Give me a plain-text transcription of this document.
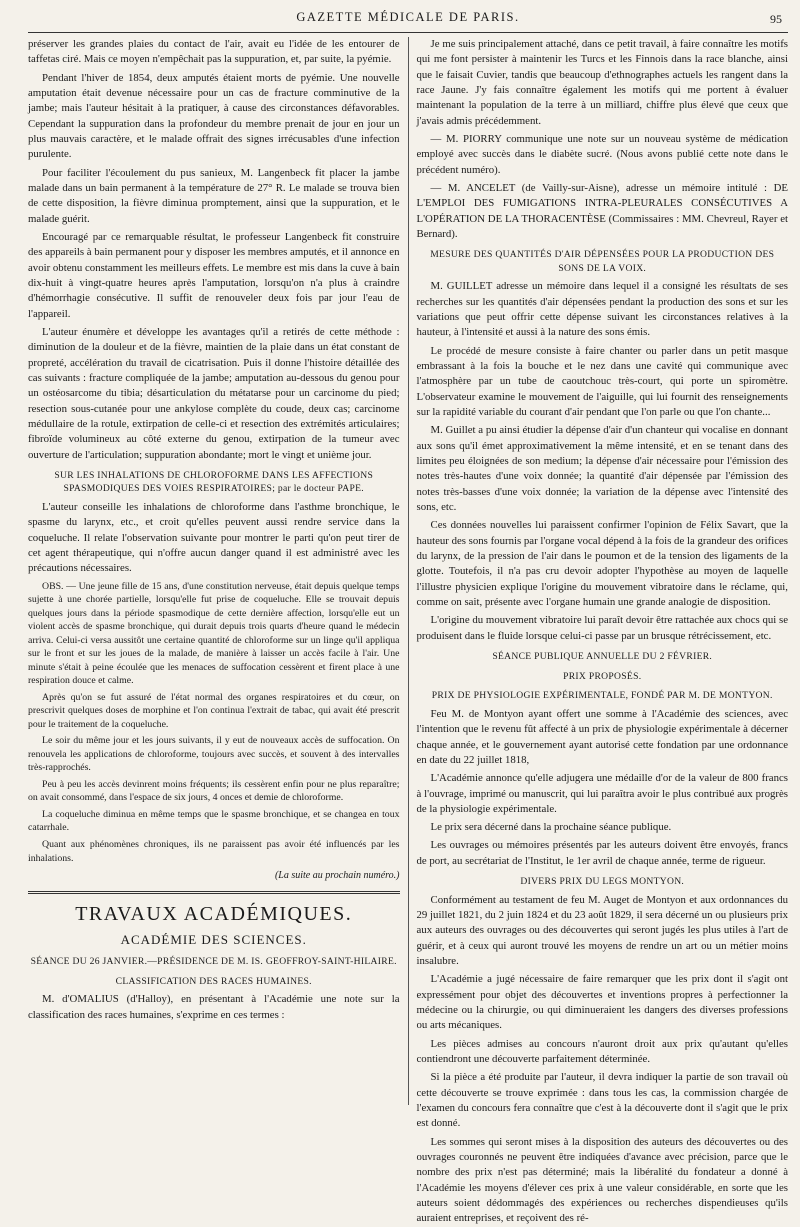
GAZETTE MÉDICALE DE PARIS.	95

préserver les grandes plaies du contact de l'air, avait eu l'idée de les entourer de taffetas ciré. Mais ce moyen n'empêchait pas la suppuration, et, par suite, la pyémie.

Pendant l'hiver de 1854, deux amputés étaient morts de pyémie. Une nouvelle amputation était devenue nécessaire pour un cas de fracture comminutive de la jambe; mais l'auteur hésitait à la pratiquer, à cause des circonstances défavorables. Cependant la suppuration dans la profondeur du membre prenait de jour en jour un plus mauvais caractère, et le malade offrait des signes irrécusables d'une infection purulente.

Pour faciliter l'écoulement du pus sanieux, M. Langenbeck fit placer la jambe malade dans un bain permanent à la température de 27° R. Le malade se trouva bien de cette disposition, la fièvre diminua promptement, ainsi que la suppuration, et le malade guérit.

Encouragé par ce remarquable résultat, le professeur Langenbeck fit construire des appareils à bain permanent pour y disposer les membres amputés, et il annonce en avoir obtenu constamment les meilleurs effets. Le membre est mis dans la cuve à bain dix-huit à vingt-quatre heures après l'amputation, lorsqu'on n'a plus à craindre d'hémorrhagie consécutive. Il suffit de renouveler deux fois par jour l'eau de l'appareil.

L'auteur énumère et développe les avantages qu'il a retirés de cette méthode : diminution de la douleur et de la fièvre, maintien de la plaie dans un état constant de propreté, accélération du travail de cicatrisation. Puis il donne l'histoire détaillée des cas suivants : fracture compliquée de la jambe; amputation au-dessous du genou pour un ostéosarcome du tibia; désarticulation du métatarse pour un carcinome du pied; resection sous-cutanée pour une ankylose complète du coude, deux cas; carcinome médullaire de la rotule, extirpation de celle-ci et resection des extrémités articulaires; fibroïde volumineux au côté externe du genou, extirpation de la tumeur avec ouverture de l'articulation; suppuration abondante; mort le vingt et unième jour.

SUR LES INHALATIONS DE CHLOROFORME DANS LES AFFECTIONS SPASMODIQUES DES VOIES RESPIRATOIRES; par le docteur PAPE.

L'auteur conseille les inhalations de chloroforme dans l'asthme bronchique, le spasme du larynx, etc., et croit qu'elles peuvent aussi rendre service dans la coqueluche. Il relate l'observation suivante pour montrer le parti qu'on peut tirer de cet agent thérapeutique, qui n'offre aucun danger quand il est administré avec les précautions nécessaires.

OBS. — Une jeune fille de 15 ans, d'une constitution nerveuse, était depuis quelque temps sujette à une chorée partielle, lorsqu'elle fut prise de coqueluche. Elle se trouvait depuis quelques jours dans la période spasmodique de cette dernière affection, lorsqu'elle eut un violent accès de spasme bronchique, qui durait depuis trois quarts d'heure quand le médecin arriva. Celui-ci versa aussitôt une certaine quantité de chloroforme sur un linge qu'il appliqua sur le front et sur les joues de la malade, de manière à laisser un accès facile à l'air. Une minute s'était à peine écoulée que les menaces de suffocation cessèrent et firent place à une respiration douce et calme.

Après qu'on se fut assuré de l'état normal des organes respiratoires et du cœur, on prescrivit quelques doses de morphine et l'on continua l'extrait de tabac, qui avait été prescrit pour le traitement de la coqueluche.

Le soir du même jour et les jours suivants, il y eut de nouveaux accès de suffocation. On renouvela les applications de chloroforme, toujours avec succès, et souvent à des intervalles très-rapprochés.

Peu à peu les accès devinrent moins fréquents; ils cessèrent enfin pour ne plus reparaître; on avait consommé, dans l'espace de six jours, 4 onces et demie de chloroforme.

La coqueluche diminua en même temps que le spasme bronchique, et se changea en toux catarrhale.

Quant aux phénomènes chroniques, ils ne paraissent pas avoir été influencés par les inhalations.

(La suite au prochain numéro.)
TRAVAUX ACADÉMIQUES.
ACADÉMIE DES SCIENCES.

SÉANCE DU 26 JANVIER.—PRÉSIDENCE DE M. IS. GEOFFROY-SAINT-HILAIRE.

CLASSIFICATION DES RACES HUMAINES.

M. d'OMALIUS (d'Halloy), en présentant à l'Académie une note sur la classification des races humaines, s'exprime en ces termes :

Je me suis principalement attaché, dans ce petit travail, à faire connaître les motifs qui me font persister à maintenir les Turcs et les Finnois dans la race blanche, ainsi que le faisait Cuvier, tandis que beaucoup d'ethnographes actuels les rangent dans la race Jaune. J'y fais connaître également les motifs qui me portent à évaluer maintenant la population de la terre à un milliard, chiffre plus élevé que ceux que j'avais admis précédemment.

— M. PIORRY communique une note sur un nouveau système de médication employé avec succès dans le diabète sucré. (Nous avons publié cette note dans le précédent numéro).

— M. ANCELET (de Vailly-sur-Aisne), adresse un mémoire intitulé : DE L'EMPLOI DES FUMIGATIONS INTRA-PLEURALES CONSÉCUTIVES A L'OPÉRATION DE LA THORACENTÈSE (Commissaires : MM. Chevreul, Rayer et Bernard).

MESURE DES QUANTITÉS D'AIR DÉPENSÉES POUR LA PRODUCTION DES SONS DE LA VOIX.

M. GUILLET adresse un mémoire dans lequel il a consigné les résultats de ses recherches sur les quantités d'air dépensées pendant la production des sons et sur les variations que peut offrir cette dépense suivant les circonstances relatives à la hauteur, à l'intensité et aussi à la nature des sons émis.

Le procédé de mesure consiste à faire chanter ou parler dans un petit masque embrassant à la fois la bouche et le nez dans une cavité qui communique avec l'atmosphère par un tube de caoutchouc très-court, qui porte un spiromètre. L'observateur examine le mouvement de l'aiguille, qui lui fournit des renseignements sur la rapidité variable du courant d'air pendant que l'on parle ou que l'on chante...

M. Guillet a pu ainsi étudier la dépense d'air d'un chanteur qui vocalise en donnant aux sons qu'il émet approximativement la même intensité, et en se tenant dans des limites peu éloignées de son medium; la dépense d'air nécessaire pour l'émission des notes très-hautes d'une voix donnée; la quantité d'air dépensée par l'émission des notes très-basses d'une voix donnée; la variation de la dépense avec l'intensité des sons, etc.

Ces données nouvelles lui paraissent confirmer l'opinion de Félix Savart, que la hauteur des sons fournis par l'organe vocal dépend à la fois de la grandeur des orifices du larynx, de la pression de l'air dans le poumon et de la tension des ligaments de la glotte. Toutefois, il n'a pas cru devoir adopter l'hypothèse au moyen de laquelle l'illustre physicien explique l'origine du mouvement vibratoire dans le réclame, qui, comme on sait, présente avec l'organe humain une grande analogie de disposition.

L'origine du mouvement vibratoire lui paraît devoir être rattachée aux chocs qui se produisent dans le fluide lorsque celui-ci passe par un brusque rétrécissement, etc.

SÉANCE PUBLIQUE ANNUELLE DU 2 FÉVRIER.

PRIX PROPOSÉS.

PRIX DE PHYSIOLOGIE EXPÉRIMENTALE, FONDÉ PAR M. DE MONTYON.

Feu M. de Montyon ayant offert une somme à l'Académie des sciences, avec l'intention que le revenu fût affecté à un prix de physiologie expérimentale à décerner chaque année, et le gouvernement ayant autorisé cette fondation par une ordonnance en date du 22 juillet 1818,

L'Académie annonce qu'elle adjugera une médaille d'or de la valeur de 800 francs à l'ouvrage, imprimé ou manuscrit, qui lui paraîtra avoir le plus contribué aux progrès de la physiologie expérimentale.

Le prix sera décerné dans la prochaine séance publique.

Les ouvrages ou mémoires présentés par les auteurs doivent être envoyés, francs de port, au secrétariat de l'Institut, le 1er avril de chaque année, terme de rigueur.

DIVERS PRIX DU LEGS MONTYON.

Conformément au testament de feu M. Auget de Montyon et aux ordonnances du 29 juillet 1821, du 2 juin 1824 et du 23 août 1829, il sera décerné un ou plusieurs prix aux auteurs des ouvrages ou des découvertes qui seront jugés les plus utiles à l'art de guérir, et à ceux qui auront trouvé les moyens de rendre un art ou un métier moins insalubre.

L'Académie a jugé nécessaire de faire remarquer que les prix dont il s'agit ont expressément pour objet des découvertes et inventions propres à perfectionner la médecine ou la chirurgie, ou qui diminueraient les dangers des diverses professions ou arts mécaniques.

Les pièces admises au concours n'auront droit aux prix qu'autant qu'elles contiendront une découverte parfaitement déterminée.

Si la pièce a été produite par l'auteur, il devra indiquer la partie de son travail où cette découverte se trouve exprimée : dans tous les cas, la commission chargée de l'examen du concours fera connaître que c'est à la découverte dont il s'agit que le prix est donné.

Les sommes qui seront mises à la disposition des auteurs des découvertes ou des ouvrages couronnés ne peuvent être indiquées d'avance avec précision, parce que le nombre des prix n'est pas déterminé; mais la libéralité du fondateur a donné à l'Académie les moyens d'élever ces prix à une valeur considérable, en sorte que les auteurs soient dédommagés des expériences ou recherches dispendieuses qu'ils auraient entreprises, et reçoivent des ré-
